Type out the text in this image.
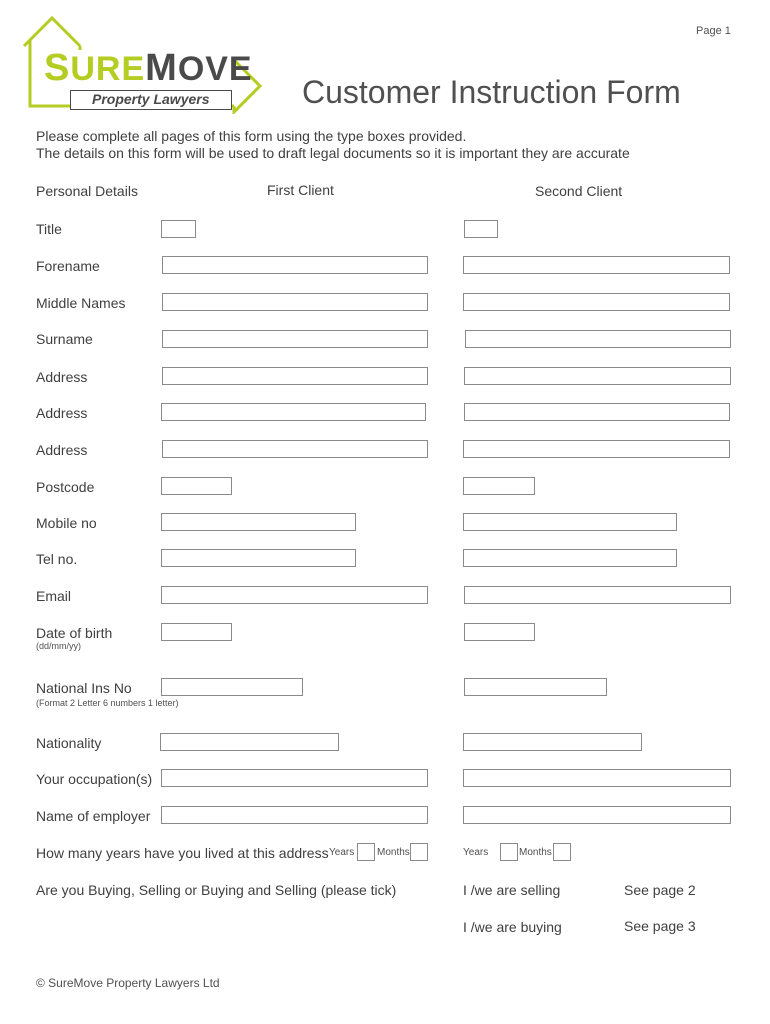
Page 1
SUREMOVE
Property Lawyers	Customer Instruction Form
Please complete all pages of this form using the type boxes provided.
The details on this form will be used to draft legal documents so it is important they are accurate
Personal Details	First Client	Second Client
Title
Forename
Middle Names
Surname
Address
Address
Address
Postcode
Mobile no
Tel no.
Email
Date of birth
(dd/mm/yy)
National Ins No
(Format 2 Letter 6 numbers 1 letter)
Nationality
Your occupation(s)
Name of employer
How many years have you lived at this address Years Months	Years	Months
Are you Buying, Selling or Buying and Selling (please tick)	I /we are selling	See page 2
I /we are buying	See page 3
© SureMove Property Lawyers Ltd
